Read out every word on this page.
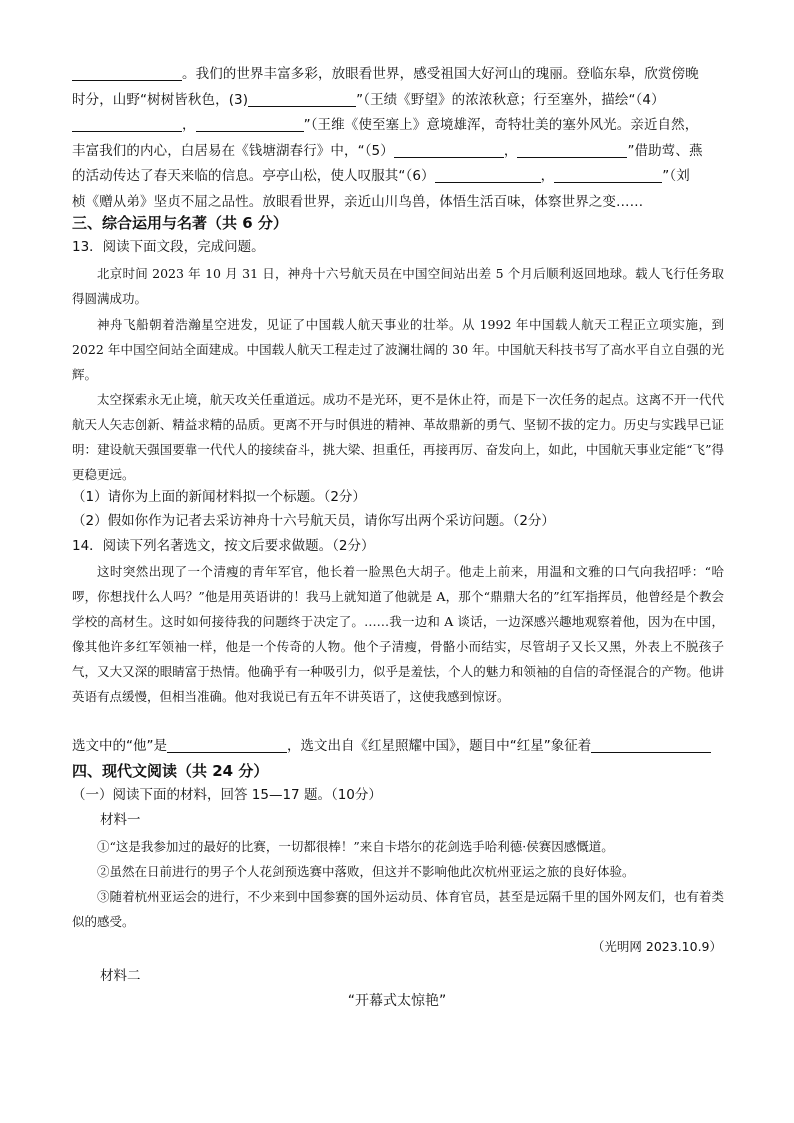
。我们的世界丰富多彩，放眼看世界，感受祖国大好河山的瑰丽。登临东皋，欣赏傍晚
时分，山野“树树皆秋色，(3)	”（王绩《野望》的浓浓秋意；行至塞外，描绘“（4）
，	”（王维《使至塞上》意境雄浑，奇特壮美的塞外风光。亲近自然，
丰富我们的内心，白居易在《钱塘湖春行》中，“（5）	，	”借助莺、燕
的活动传达了春天来临的信息。亭亭山松，使人叹服其“（6）	，	”（刘
桢《赠从弟》坚贞不屈之品性。放眼看世界，亲近山川鸟兽，体悟生活百味，体察世界之变……
三、综合运用与名著（共 6 分）
13．阅读下面文段，完成问题。
北京时间 2023 年 10 月 31 日，神舟十六号航天员在中国空间站出差 5 个月后顺利返回地球。载人飞行任务取得圆满成功。
神舟飞船朝着浩瀚星空进发，见证了中国载人航天事业的壮举。从 1992 年中国载人航天工程正立项实施，到 2022 年中国空间站全面建成。中国载人航天工程走过了波澜壮阔的 30 年。中国航天科技书写了高水平自立自强的光辉。
太空探索永无止境，航天攻关任重道远。成功不是光环，更不是休止符，而是下一次任务的起点。这离不开一代代航天人矢志创新、精益求精的品质。更离不开与时俱进的精神、革故鼎新的勇气、坚韧不拔的定力。历史与实践早已证明：建设航天强国要靠一代代人的接续奋斗，挑大梁、担重任，再接再厉、奋发向上，如此，中国航天事业定能“飞”得更稳更远。
（1）请你为上面的新闻材料拟一个标题。（2分）
（2）假如你作为记者去采访神舟十六号航天员，请你写出两个采访问题。（2分）
14．阅读下列名著选文，按文后要求做题。（2分）
这时突然出现了一个清瘦的青年军官，他长着一脸黑色大胡子。他走上前来，用温和文雅的口气向我招呼：“哈啰，你想找什么人吗？”他是用英语讲的！我马上就知道了他就是 A，那个“鼎鼎大名的”红军指挥员，他曾经是个教会学校的高材生。这时如何接待我的问题终于决定了。……我一边和 A 谈话，一边深感兴趣地观察着他，因为在中国，像其他许多红军领袖一样，他是一个传奇的人物。他个子清瘦，骨骼小而结实，尽管胡子又长又黑，外表上不脱孩子气，又大又深的眼睛富于热情。他确乎有一种吸引力，似乎是羞怯，个人的魅力和领袖的自信的奇怪混合的产物。他讲英语有点缓慢，但相当准确。他对我说已有五年不讲英语了，这使我感到惊讶。
选文中的“他”是	，选文出自《红星照耀中国》，题目中“红星”象征着
四、现代文阅读（共 24 分）
（一）阅读下面的材料，回答 15—17 题。（10分）
材料一
①“这是我参加过的最好的比赛，一切都很棒！”来自卡塔尔的花剑选手哈利德·侯赛因感慨道。
②虽然在日前进行的男子个人花剑预选赛中落败，但这并不影响他此次杭州亚运之旅的良好体验。
③随着杭州亚运会的进行，不少来到中国参赛的国外运动员、体育官员，甚至是远隔千里的国外网友们，也有着类似的感受。
（光明网 2023.10.9）
材料二
“开幕式太惊艳”
